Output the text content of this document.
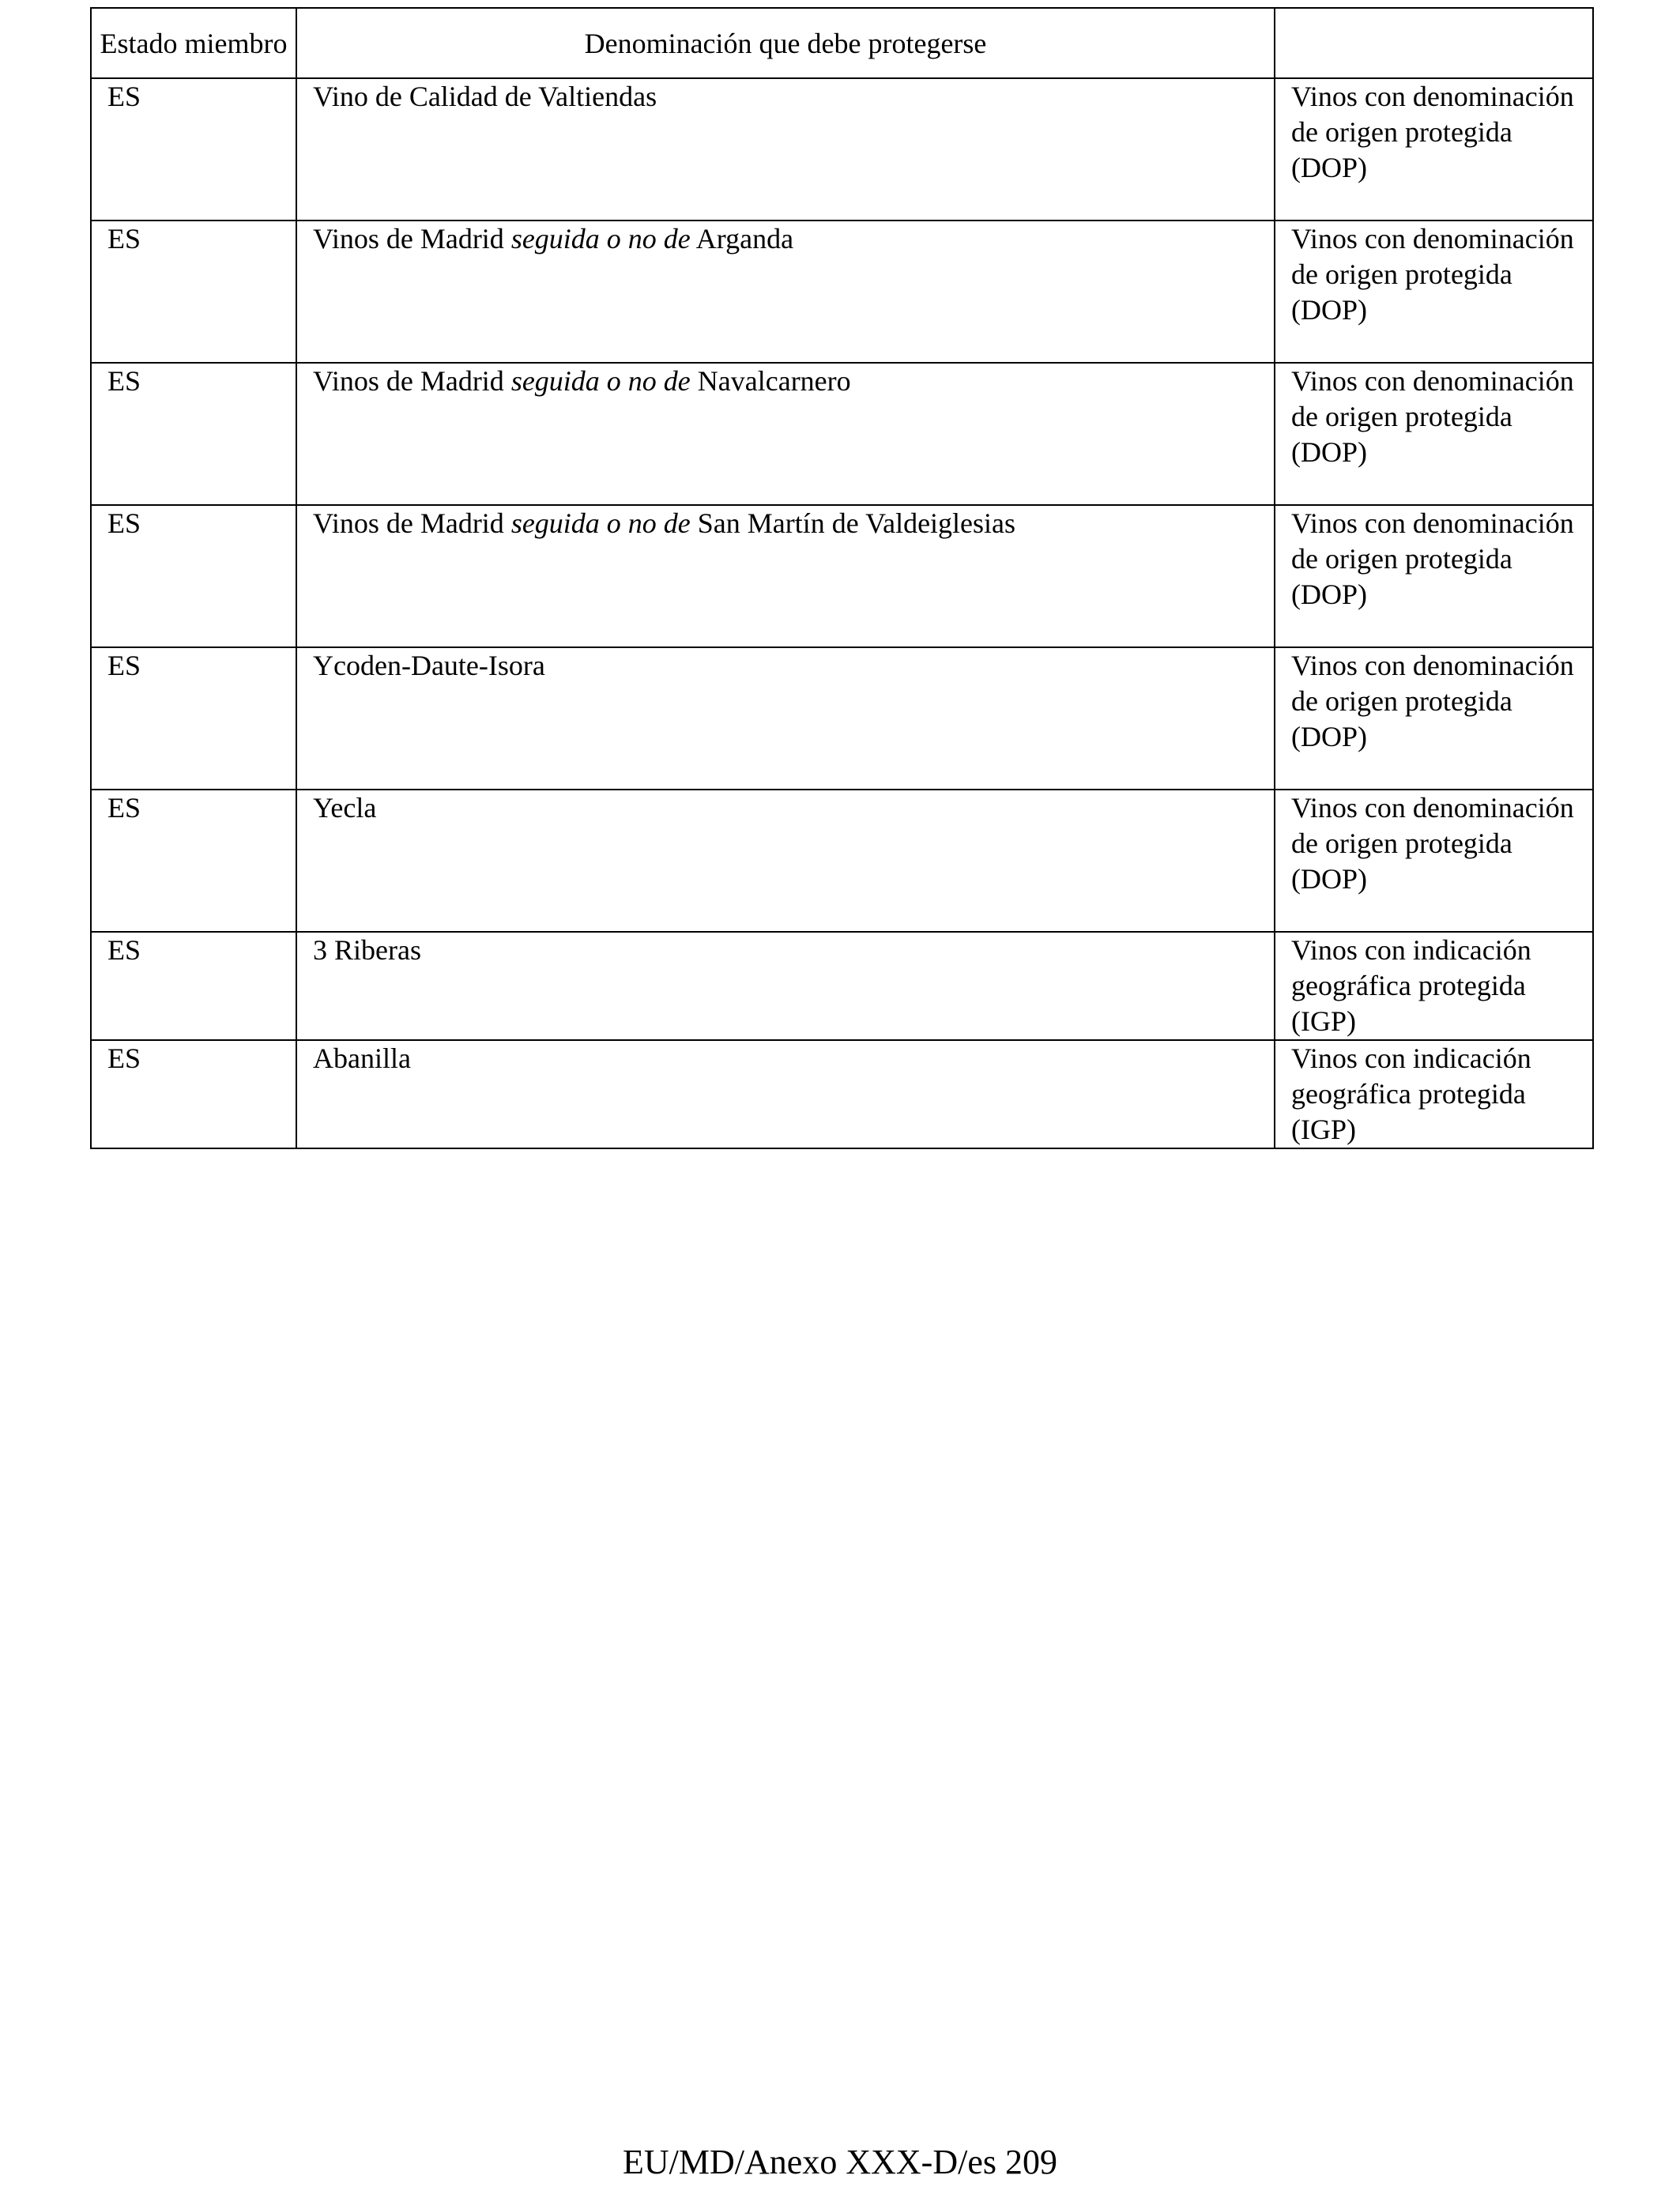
Estado miembro	Denominación que debe protegerse	
ES	Vino de Calidad de Valtiendas	Vinos con denominación de origen protegida (DOP)
ES	Vinos de Madrid seguida o no de Arganda	Vinos con denominación de origen protegida (DOP)
ES	Vinos de Madrid seguida o no de Navalcarnero	Vinos con denominación de origen protegida (DOP)
ES	Vinos de Madrid seguida o no de San Martín de Valdeiglesias	Vinos con denominación de origen protegida (DOP)
ES	Ycoden-Daute-Isora	Vinos con denominación de origen protegida (DOP)
ES	Yecla	Vinos con denominación de origen protegida (DOP)
ES	3 Riberas	Vinos con indicación geográfica protegida (IGP)
ES	Abanilla	Vinos con indicación geográfica protegida (IGP)
EU/MD/Anexo XXX-D/es 209
